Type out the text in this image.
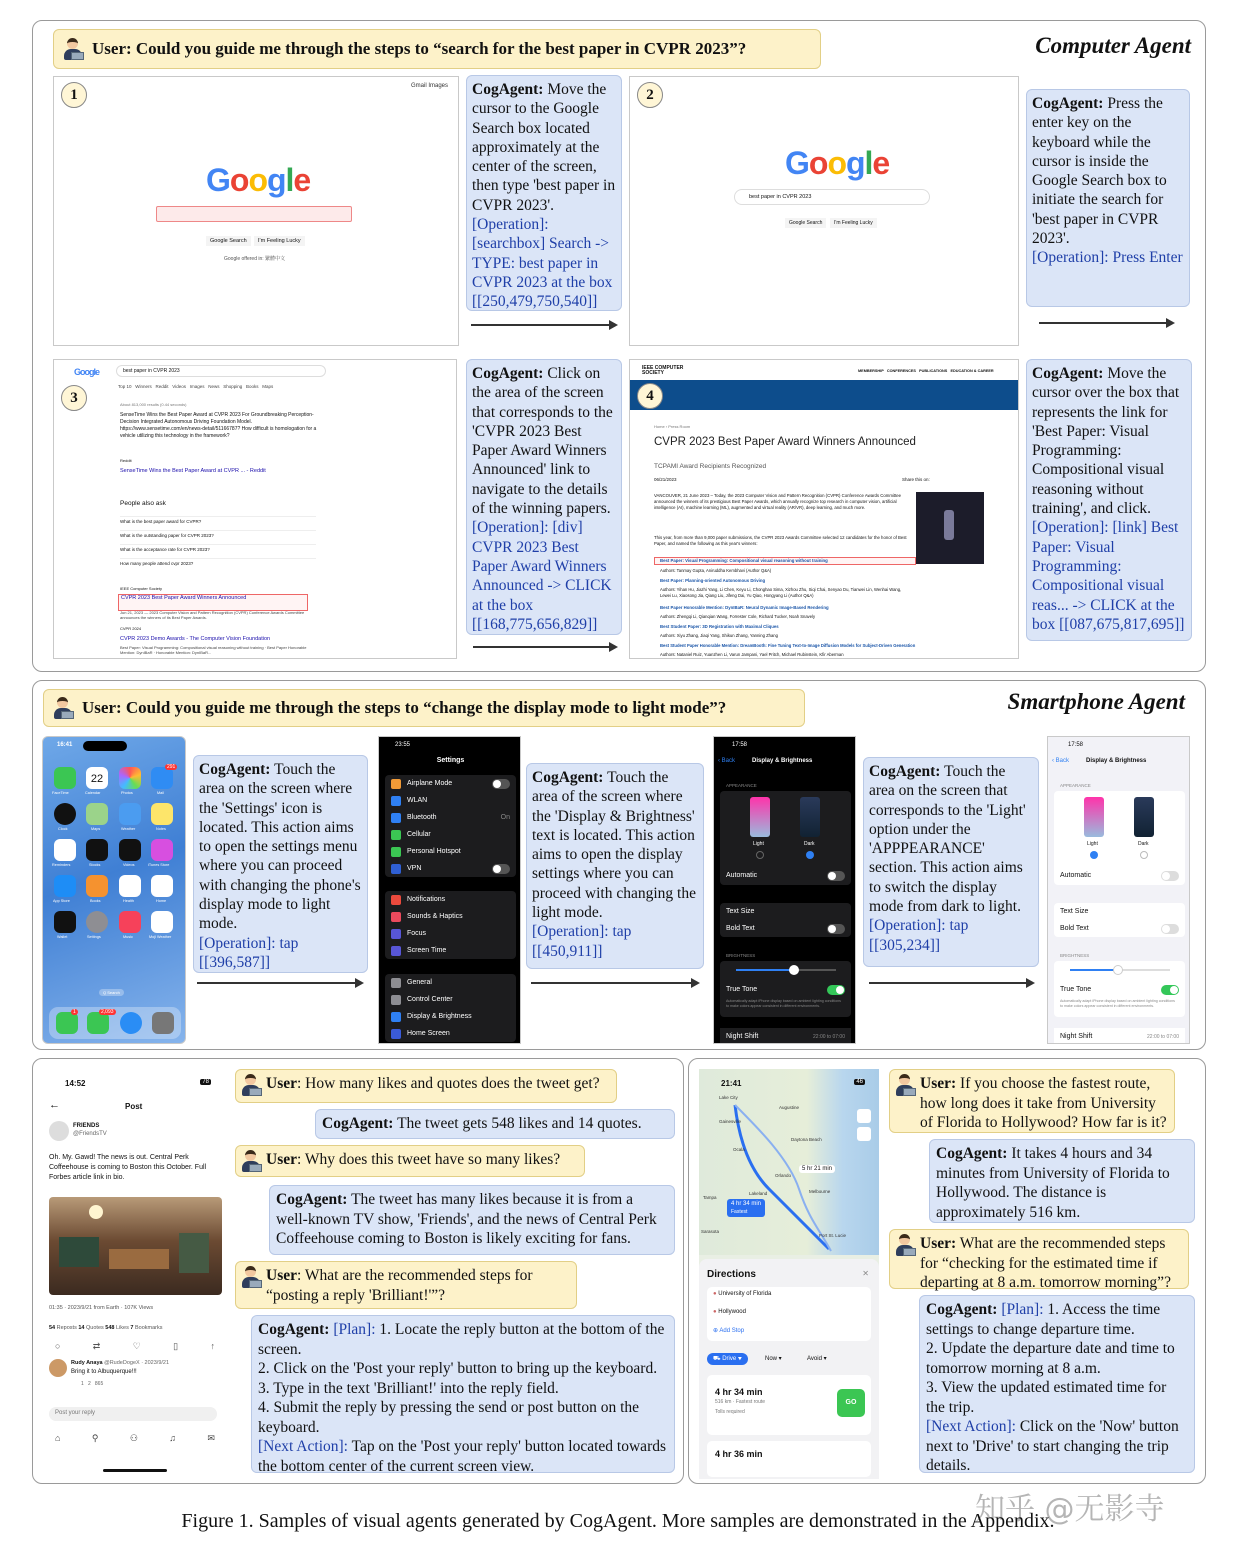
User: Could you guide me through the steps to “search for the best paper in CVPR 2023”?	Computer Agent
Gmail Images
Google
Google Search	I'm Feeling Lucky
Google offered in: 繁體中文
1	CogAgent: Move the cursor to the Google Search box located approximately at the center of the screen, then type 'best paper in CVPR 2023'.
[Operation]: [searchbox] Search -> TYPE: best paper in CVPR 2023 at the box [[250,479,750,540]]
Google
best paper in CVPR 2023
Google Search	I'm Feeling Lucky
2
CogAgent: Press the enter key on the keyboard while the cursor is inside the Google Search box to initiate the search for 'best paper in CVPR 2023'.
[Operation]: Press Enter
Google	best paper in CVPR 2023
Top 10   Winners   Reddit   Videos   Images   News   Shopping   Books   Maps
About 813,000 results (0.44 seconds)
SenseTime Wins the Best Paper Award at CVPR 2023 For Groundbreaking Perception-Decision Integrated Autonomous Driving Foundation Model. https://www.sensetime.com/en/news-detail/51166787? How difficult is homologation for a vehicle utilizing this technology in the framework?
Reddit
SenseTime Wins the Best Paper Award at CVPR ... - Reddit
People also ask
What is the best paper award for CVPR?
What is the outstanding paper for CVPR 2023?
What is the acceptance rate for CVPR 2023?
How many people attend cvpr 2023?
IEEE Computer Society
CVPR 2023 Best Paper Award Winners Announced
Jun 21, 2023 — 2023 Computer Vision and Pattern Recognition (CVPR) Conference Awards Committee announces the winners of its Best Paper Awards.
CVPR 2024
CVPR 2023 Demo Awards - The Computer Vision Foundation
Best Paper: Visual Programming: Compositional visual reasoning without training · Best Paper Honorable Mention: DynIBaR · Honorable Mention: DynIBaR...
3
CogAgent: Click on the area of the screen that corresponds to the 'CVPR 2023 Best Paper Award Winners Announced' link to navigate to the details of the winning papers.
[Operation]: [div] CVPR 2023 Best Paper Award Winners Announced -> CLICK at the box [[168,775,656,829]]
IEEE COMPUTER SOCIETY	MEMBERSHIP   CONFERENCES   PUBLICATIONS   EDUCATION & CAREER
Home › Press Room
CVPR 2023 Best Paper Award Winners Announced
TCPAMI Award Recipients Recognized
06/21/2023	Share this on:
VANCOUVER, 21 June 2023 – Today, the 2023 Computer Vision and Pattern Recognition (CVPR) Conference Awards Committee announced the winners of its prestigious Best Paper Awards, which annually recognize top research in computer vision, artificial intelligence (AI), machine learning (ML), augmented and virtual reality (AR/VR), deep learning, and much more.
This year, from more than 9,000 paper submissions, the CVPR 2023 Awards Committee selected 12 candidates for the honor of Best Paper, and named the following as this year's winners:
Best Paper: Visual Programming: Compositional visual reasoning without training
Authors: Tanmay Gupta, Aniruddha Kembhavi (Author Q&A)
Best Paper: Planning-oriented Autonomous Driving
Authors: Yihan Hu, Jiazhi Yang, Li Chen, Keyu Li, Chonghao Sima, Xizhou Zhu, Siqi Chai, Senyao Du, Tianwei Lin, Wenhai Wang, Lewei Lu, Xiaosong Jia, Qiang Liu, Jifeng Dai, Yu Qiao, Hongyang Li (Author Q&A)
Best Paper Honorable Mention: DynIBaR: Neural Dynamic Image-Based Rendering
Authors: Zhengqi Li, Qianqian Wang, Forrester Cole, Richard Tucker, Noah Snavely
Best Student Paper: 3D Registration with Maximal Cliques
Authors: Xiyu Zhang, Jiaqi Yang, Shikun Zhang, Yanning Zhang
Best Student Paper Honorable Mention: DreamBooth: Fine Tuning Text-to-Image Diffusion Models for Subject-Driven Generation
Authors: Nataniel Ruiz, Yuanzhen Li, Varun Jampani, Yael Pritch, Michael Rubinstein, Kfir Aberman
4
CogAgent: Move the cursor over the box that represents the link for 'Best Paper: Visual Programming: Compositional visual reasoning without training', and click.
[Operation]: [link] Best Paper: Visual Programming: Compositional visual reas... -> CLICK at the box [[087,675,817,695]]
User: Could you guide me through the steps to “change the display mode to light mode”?	Smartphone Agent
16:41
22
291
FaceTime	Calendar	Photos	Mail
Clock	Maps	Weather	Notes
Reminders	Stocks	Videos	iTunes Store
App Store	Books	Health	Home
Wallet	Settings	Music	Mojl Weather
Q Search
1	2,093
CogAgent: Touch the area on the screen where the 'Settings' icon is located. This action aims to open the settings menu where you can proceed with changing the phone's display mode to light mode.
[Operation]: tap [[396,587]]
23:55
Settings
Airplane Mode
WLAN
Bluetooth	On
Cellular
Personal Hotspot
VPN
Notifications
Sounds & Haptics
Focus
Screen Time
General
Control Center
Display & Brightness
Home Screen
CogAgent: Touch the area of the screen where the 'Display & Brightness' text is located. This action aims to open the display settings where you can proceed with changing the light mode.
[Operation]: tap [[450,911]]
17:58
‹ Back	Display & Brightness
APPEARANCE
Light	Dark
Automatic
Text Size
Bold Text
BRIGHTNESS
True Tone
Automatically adapt iPhone display based on ambient lighting conditions to make colors appear consistent in different environments.
Night Shift	22:00 to 07:00
CogAgent: Touch the area on the screen that corresponds to the 'Light' option under the 'APPPEARANCE' section. This action aims to switch the display mode from dark to light.
[Operation]: tap [[305,234]]
17:58
‹ Back	Display & Brightness
APPEARANCE
Light	Dark
Automatic
Text Size
Bold Text
BRIGHTNESS
True Tone
Automatically adapt iPhone display based on ambient lighting conditions to make colors appear consistent in different environments.
Night Shift	22:00 to 07:00
14:52	78
←	Post
FRIENDS
@FriendsTV
Oh. My. Gawd! The news is out. Central Perk Coffeehouse is coming to Boston this October. Full Forbes article link in bio.
01:35 · 2023/9/21 from Earth · 107K Views
54 Reposts 14 Quotes 548 Likes 7 Bookmarks
○	⇄	♡	▯	↑
Rudy Anaya @RudeDogeX · 2023/9/21
Bring it to Albuquerque!!!
1   2   865
Post your reply
⌂	⚲	⚇	♫	✉
User: How many likes and quotes does the tweet get?
CogAgent: The tweet gets 548 likes and 14 quotes.
User: Why does this tweet have so many likes?
CogAgent: The tweet has many likes because it is from a well-known TV show, 'Friends', and the news of Central Perk Coffeehouse coming to Boston is likely exciting for fans.
User: What are the recommended steps for “posting a reply 'Brilliant!'”?
CogAgent: [Plan]: 1. Locate the reply button at the bottom of the screen.
2. Click on the 'Post your reply' button to bring up the keyboard.
3. Type in the text 'Brilliant!' into the reply field.
4. Submit the reply by pressing the send or post button on the keyboard.
[Next Action]: Tap on the 'Post your reply' button located towards the bottom center of the current screen view.
21:41	46
Lake City
Augustine
Gainesville
Ocala
Daytona Beach
Orlando
Melbourne
Lakeland
Sarasota
Port St. Lucie
Tampa
5 hr 21 min
4 hr 34 min
Fastest
Directions	✕
● University of Florida
● Hollywood
⊕ Add Stop
⛟ Drive ▾	Now ▾	Avoid ▾
4 hr 34 min
516 km · Fastest route
Tolls required
GO
4 hr 36 min
User: If you choose the fastest route, how long does it take from University of Florida to Hollywood? How far is it?
CogAgent: It takes 4 hours and 34 minutes from University of Florida to Hollywood. The distance is approximately 516 km.
User: What are the recommended steps for “checking for the estimated time if departing at 8 a.m. tomorrow morning”?
CogAgent: [Plan]: 1. Access the time settings to change departure time.
2. Update the departure date and time to tomorrow morning at 8 a.m.
3. View the updated estimated time for the trip.
[Next Action]: Click on the 'Now' button next to 'Drive' to start changing the trip details.
知乎 @无影寺
Figure 1. Samples of visual agents generated by CogAgent. More samples are demonstrated in the Appendix.
